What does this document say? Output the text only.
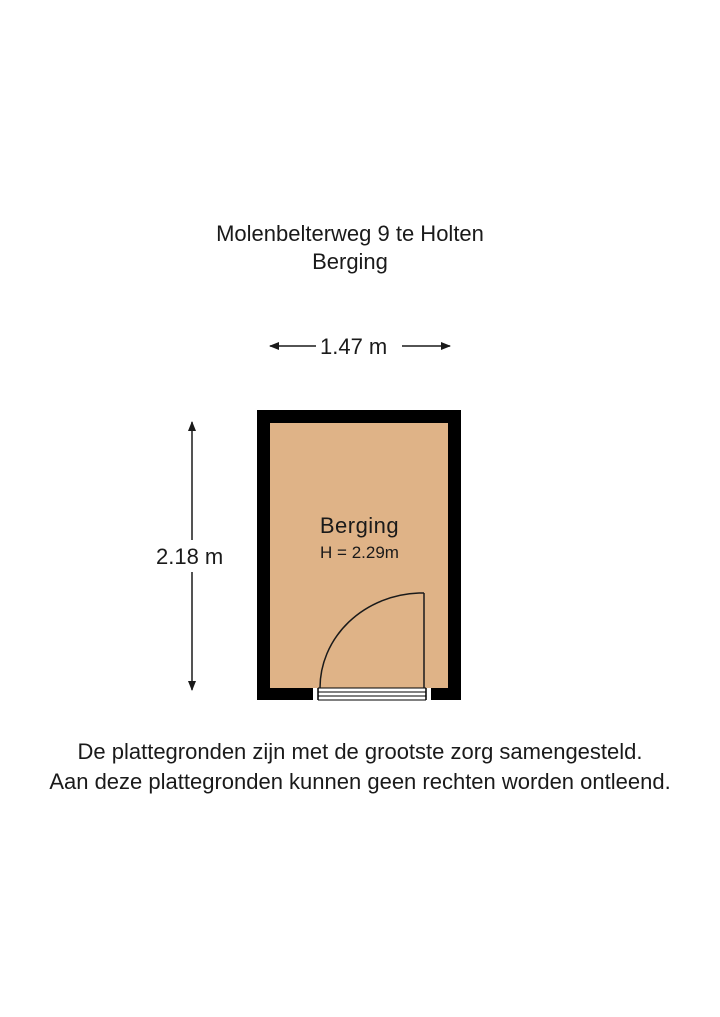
Molenbelterweg 9 te Holten
Berging
1.47 m
2.18 m
Berging
H = 2.29m
De plattegronden zijn met de grootste zorg samengesteld.
Aan deze plattegronden kunnen geen rechten worden ontleend.
